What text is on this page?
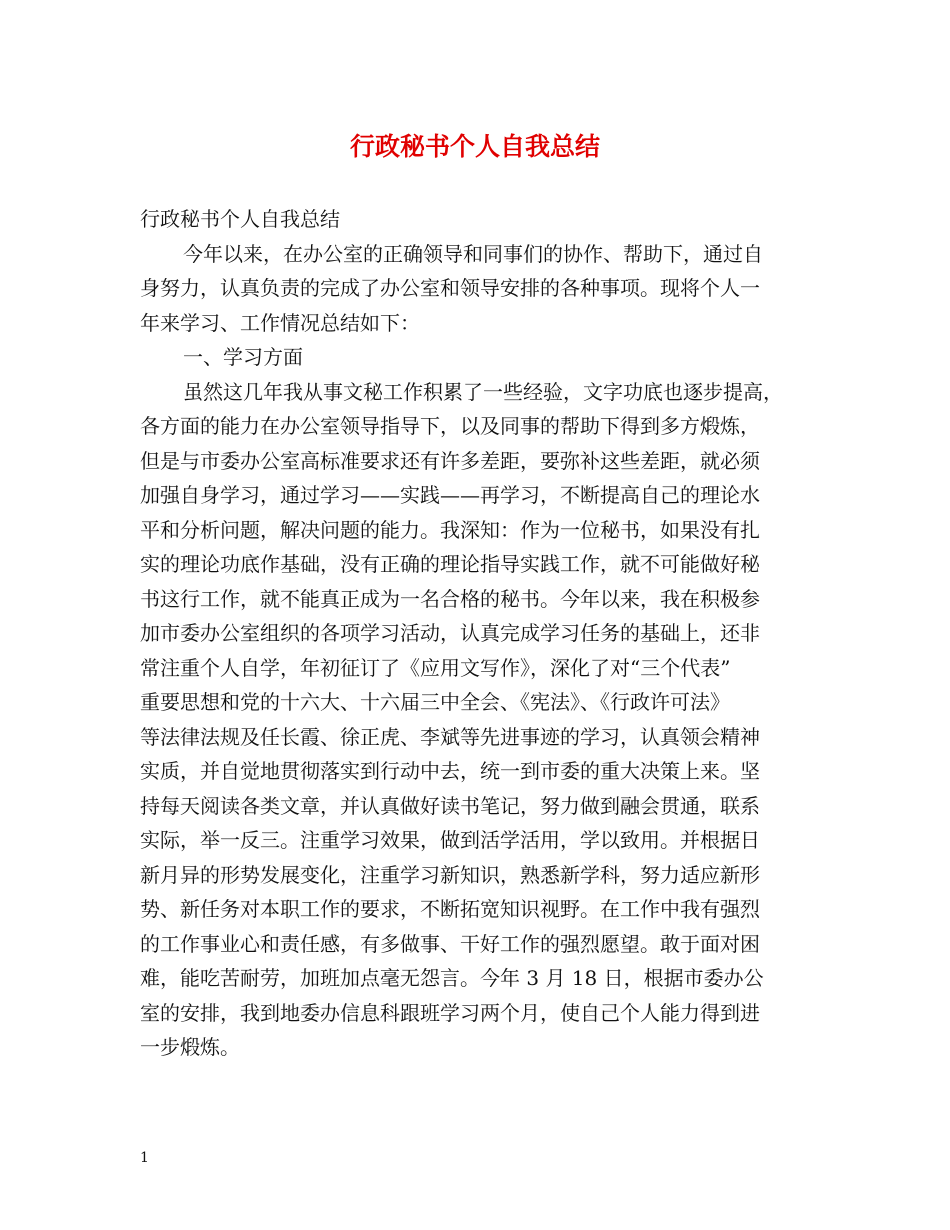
行政秘书个人自我总结
行政秘书个人自我总结
今年以来，在办公室的正确领导和同事们的协作、帮助下，通过自
身努力，认真负责的完成了办公室和领导安排的各种事项。现将个人一
年来学习、工作情况总结如下：
一、学习方面
虽然这几年我从事文秘工作积累了一些经验，文字功底也逐步提高，
各方面的能力在办公室领导指导下，以及同事的帮助下得到多方煅炼，
但是与市委办公室高标准要求还有许多差距，要弥补这些差距，就必须
加强自身学习，通过学习——实践——再学习，不断提高自己的理论水
平和分析问题，解决问题的能力。我深知：作为一位秘书，如果没有扎
实的理论功底作基础，没有正确的理论指导实践工作，就不可能做好秘
书这行工作，就不能真正成为一名合格的秘书。今年以来，我在积极参
加市委办公室组织的各项学习活动，认真完成学习任务的基础上，还非
常注重个人自学，年初征订了《应用文写作》，深化了对“三个代表”
重要思想和党的十六大、十六届三中全会、《宪法》、《行政许可法》
等法律法规及任长霞、徐正虎、李斌等先进事迹的学习，认真领会精神
实质，并自觉地贯彻落实到行动中去，统一到市委的重大决策上来。坚
持每天阅读各类文章，并认真做好读书笔记，努力做到融会贯通，联系
实际，举一反三。注重学习效果，做到活学活用，学以致用。并根据日
新月异的形势发展变化，注重学习新知识，熟悉新学科，努力适应新形
势、新任务对本职工作的要求，不断拓宽知识视野。在工作中我有强烈
的工作事业心和责任感，有多做事、干好工作的强烈愿望。敢于面对困
难，能吃苦耐劳，加班加点毫无怨言。今年 3 月 18 日，根据市委办公
室的安排，我到地委办信息科跟班学习两个月，使自己个人能力得到进
一步煅炼。
1
